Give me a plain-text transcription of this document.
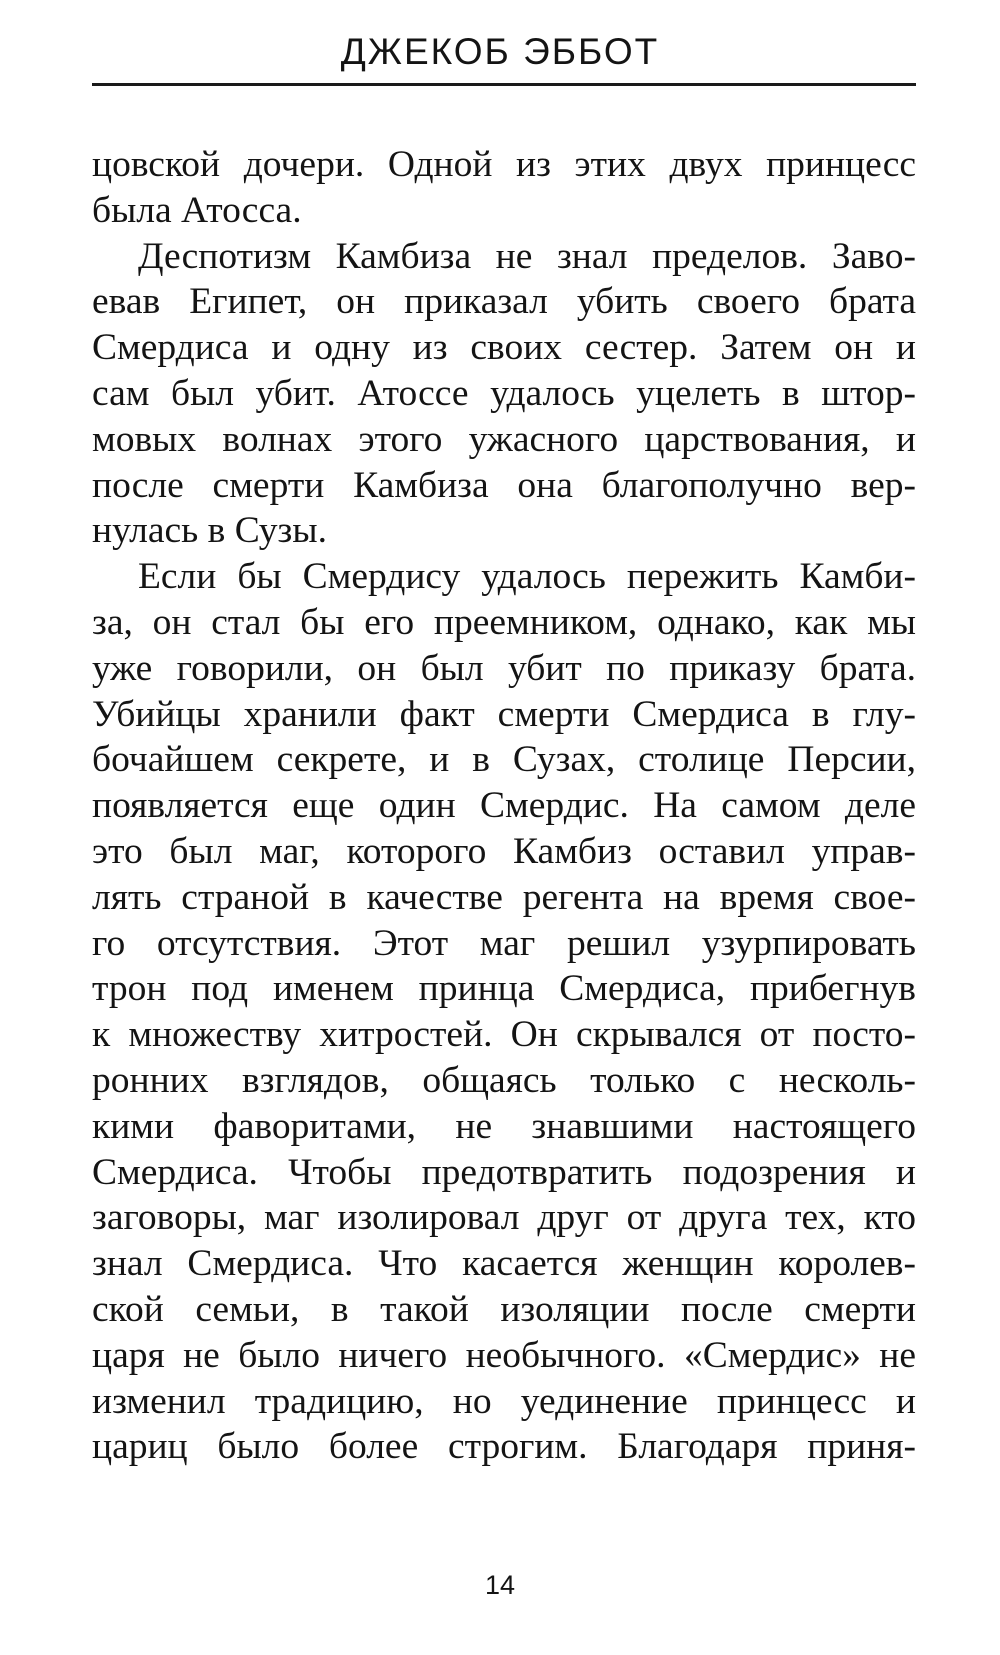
ДЖЕКОБ ЭББОТ
цовской дочери. Одной из этих двух принцесс
была Атосса.
Деспотизм Камбиза не знал пределов. Заво-
евав Египет, он приказал убить своего брата
Смердиса и одну из своих сестер. Затем он и
сам был убит. Атоссе удалось уцелеть в штор-
мовых волнах этого ужасного царствования, и
после смерти Камбиза она благополучно вер-
нулась в Сузы.
Если бы Смердису удалось пережить Камби-
за, он стал бы его преемником, однако, как мы
уже говорили, он был убит по приказу брата.
Убийцы хранили факт смерти Смердиса в глу-
бочайшем секрете, и в Сузах, столице Персии,
появляется еще один Смердис. На самом деле
это был маг, которого Камбиз оставил управ-
лять страной в качестве регента на время свое-
го отсутствия. Этот маг решил узурпировать
трон под именем принца Смердиса, прибегнув
к множеству хитростей. Он скрывался от посто-
ронних взглядов, общаясь только с несколь-
кими фаворитами, не знавшими настоящего
Смердиса. Чтобы предотвратить подозрения и
заговоры, маг изолировал друг от друга тех, кто
знал Смердиса. Что касается женщин королев-
ской семьи, в такой изоляции после смерти
царя не было ничего необычного. «Смердис» не
изменил традицию, но уединение принцесс и
цариц было более строгим. Благодаря приня-
14
